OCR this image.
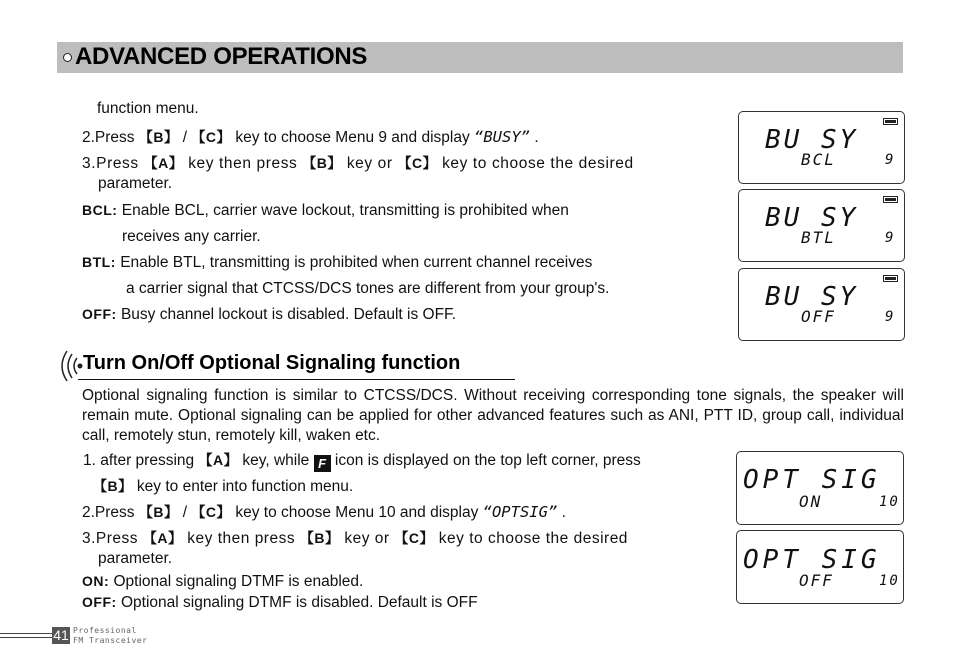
ADVANCED OPERATIONS
function menu.
2.Press 【B】 / 【C】 key to choose Menu 9 and display “BUSY” .
3.Press 【A】 key then press 【B】 key or 【C】 key to choose the desired
parameter.
BCL: Enable BCL, carrier wave lockout, transmitting is prohibited when
receives any carrier.
BTL: Enable BTL, transmitting is prohibited when current channel receives
a carrier signal that CTCSS/DCS tones are different from your group's.
OFF: Busy channel lockout is disabled. Default is OFF.
BU SY
BCL	9
BU SY
BTL	9
BU SY
OFF	9
Turn On/Off Optional Signaling function
Optional signaling function is similar to CTCSS/DCS. Without receiving corresponding tone signals, the speaker will remain mute. Optional signaling can be applied for other advanced features such as ANI, PTT ID, group call, individual call, remotely stun, remotely kill, waken etc.
1. after pressing 【A】 key, while F icon is displayed on the top left corner, press
【B】 key to enter into function menu.
2.Press 【B】 / 【C】 key to choose Menu 10 and display “OPTSIG” .
3.Press 【A】 key then press 【B】 key or 【C】 key to choose the desired
parameter.
ON: Optional signaling DTMF is enabled.
OFF: Optional signaling DTMF is disabled. Default is OFF
OPT SIG
ON	10
OPT SIG
OFF	10
41 Professional
FM Transceiver
